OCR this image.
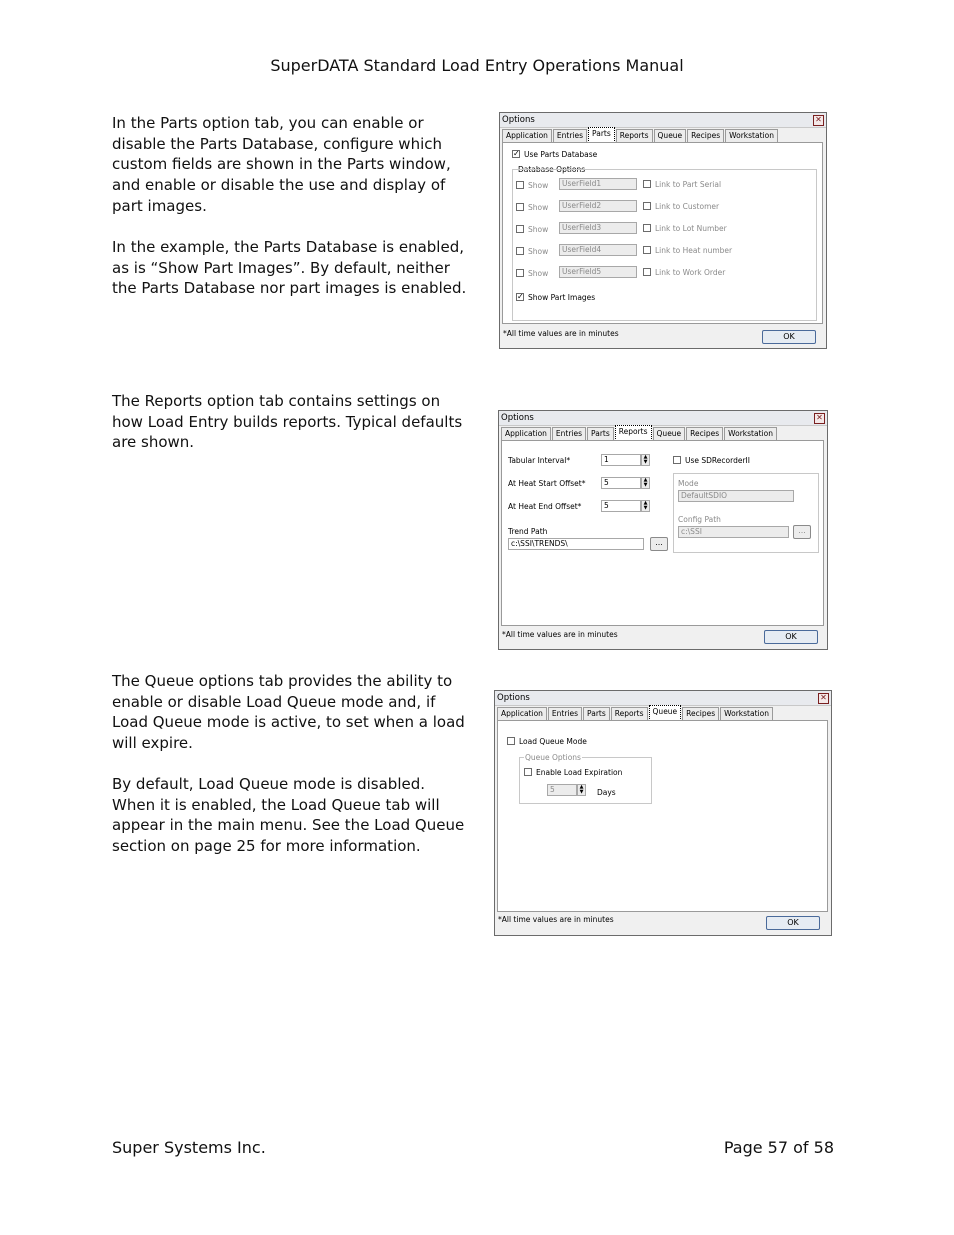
SuperDATA Standard Load Entry Operations Manual

In the Parts option tab, you can enable or disable the Parts Database, configure which custom fields are shown in the Parts window, and enable or disable the use and display of part images.

In the example, the Parts Database is enabled, as is “Show Part Images”. By default, neither the Parts Database nor part images is enabled.

Options	✕
Application	Entries	Parts	Reports	Queue	Recipes	Workstation
✓ Use Parts Database
Database Options
Show	UserField1	Link to Part Serial
Show	UserField2	Link to Customer
Show	UserField3	Link to Lot Number
Show	UserField4	Link to Heat number
Show	UserField5	Link to Work Order
✓ Show Part Images
*All time values are in minutes	OK

The Reports option tab contains settings on how Load Entry builds reports. Typical defaults are shown.

Options	✕
Application	Entries	Parts	Reports	Queue	Recipes	Workstation
Tabular Interval*	1	▲
▼
At Heat Start Offset*	5	▲
▼
At Heat End Offset*	5	▲
▼
Trend Path
c:\SSI\TRENDS\	...
Use SDRecorderII
Mode
DefaultSDIO
Config Path
c:\SSI	...
*All time values are in minutes	OK

The Queue options tab provides the ability to enable or disable Load Queue mode and, if Load Queue mode is active, to set when a load will expire.

By default, Load Queue mode is disabled. When it is enabled, the Load Queue tab will appear in the main menu. See the Load Queue section on page 25 for more information.

Options	✕
Application	Entries	Parts	Reports	Queue	Recipes	Workstation
Load Queue Mode
Queue Options
Enable Load Expiration
5	▲
▼	Days
*All time values are in minutes	OK
Super Systems Inc.	Page 57 of 58
